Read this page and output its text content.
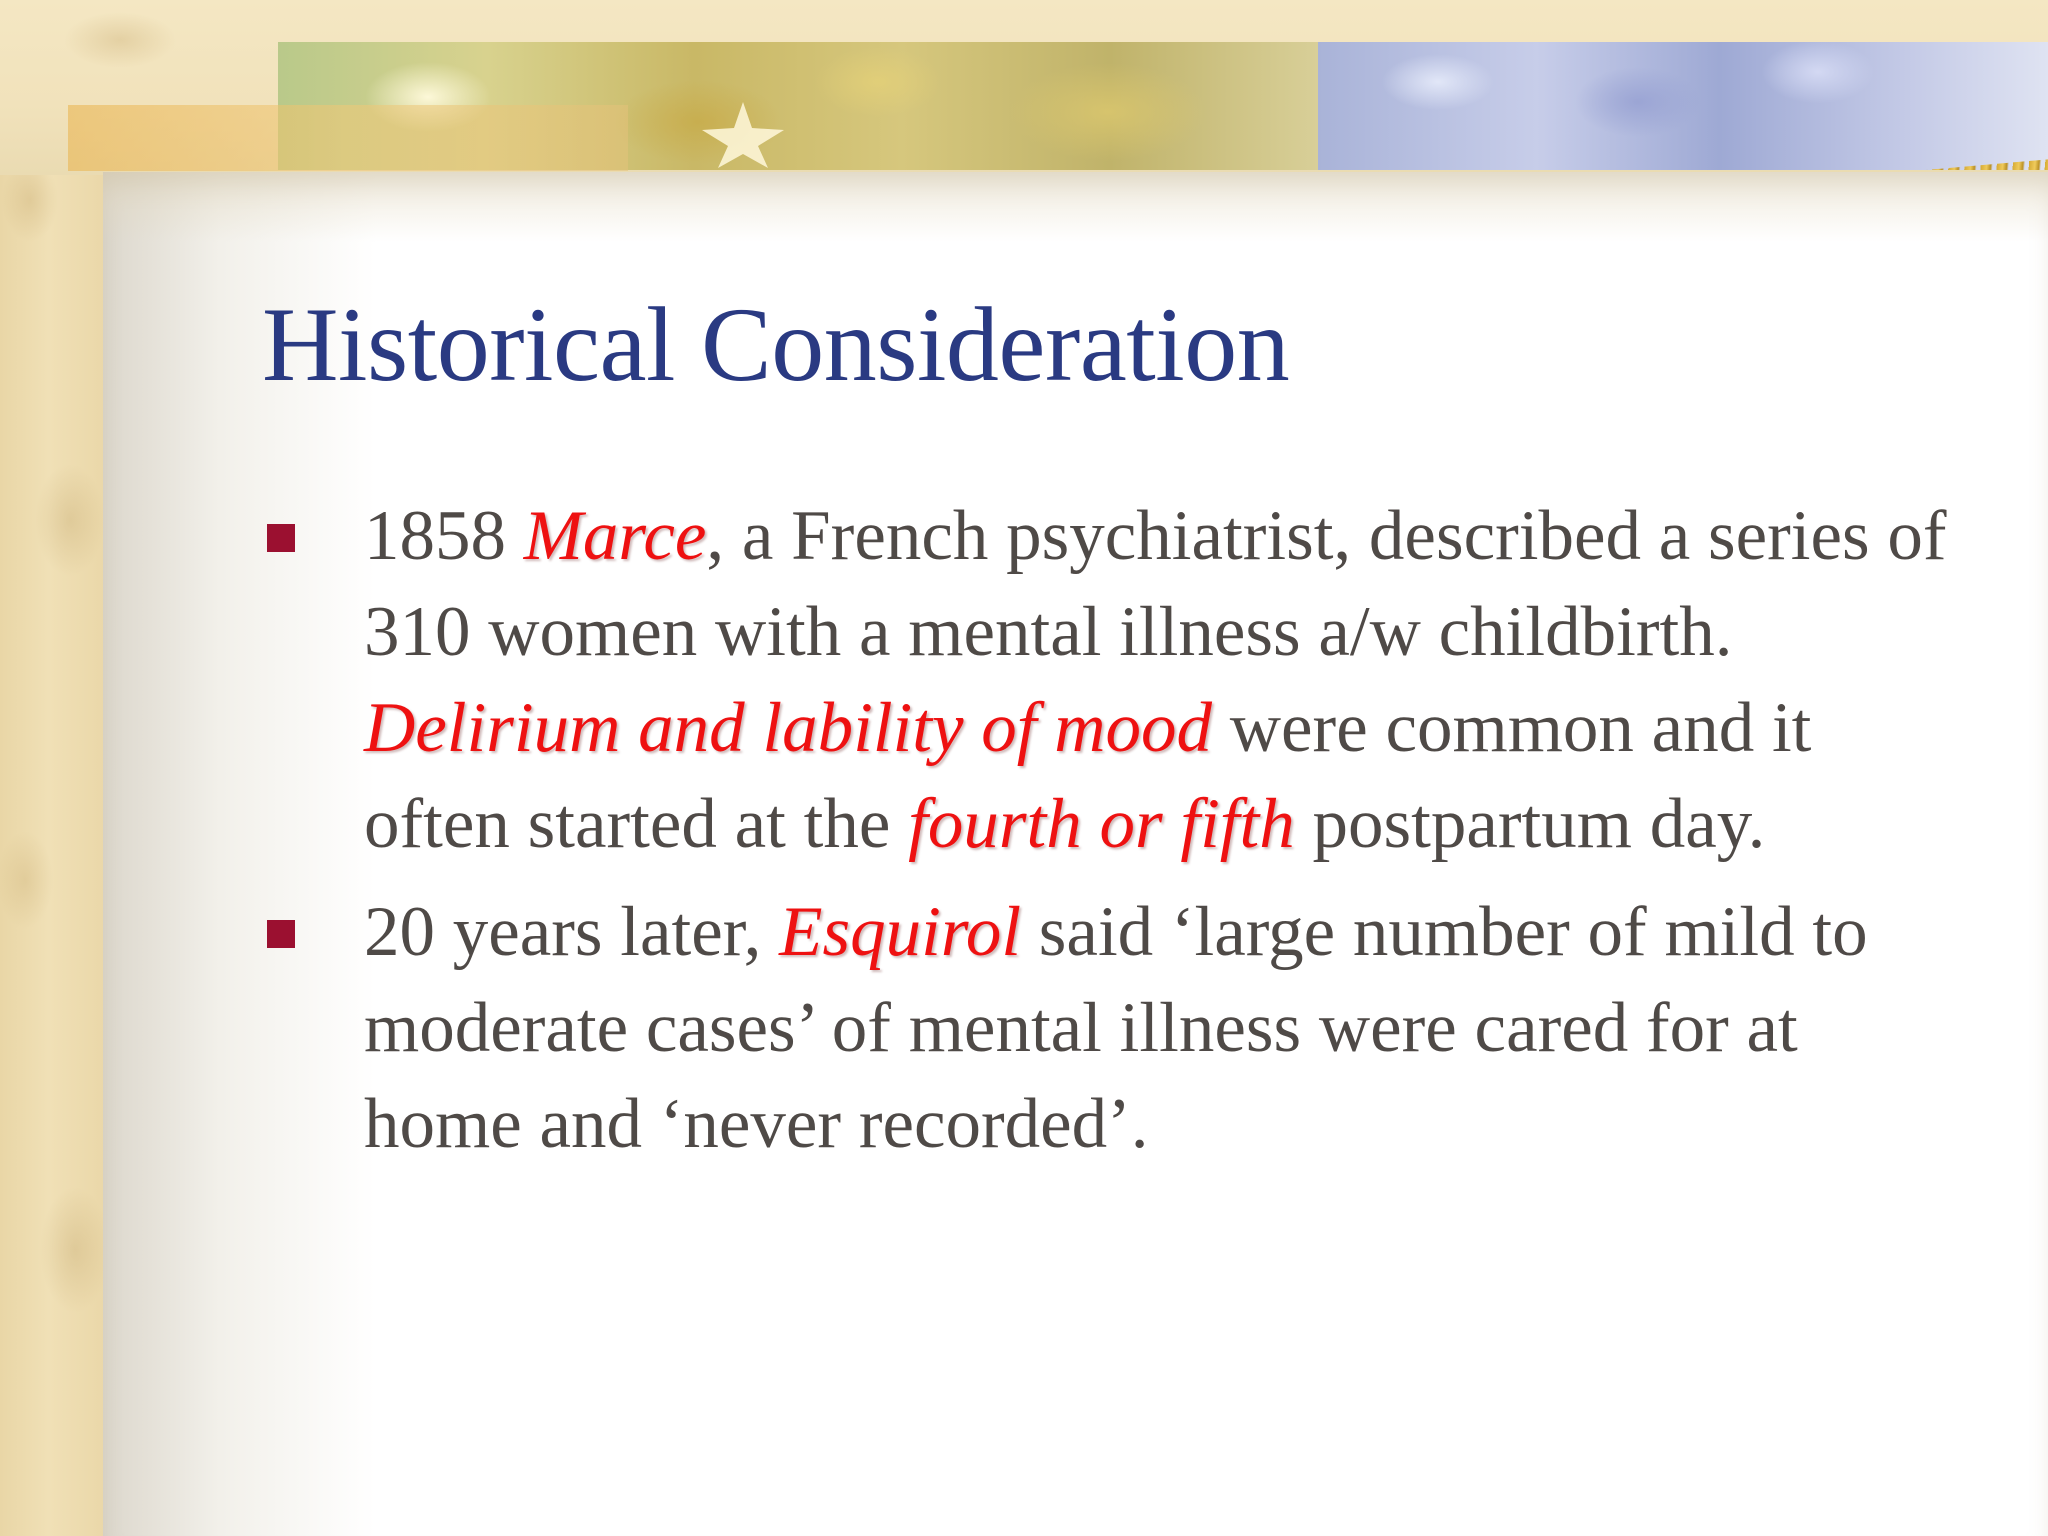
Historical Consideration
1858 Marce, a French psychiatrist, described a series of 310 women with a mental illness a/w childbirth. Delirium and lability of mood were common and it often started at the fourth or fifth postpartum day.
20 years later, Esquirol said ‘large number of mild to moderate cases’ of mental illness were cared for at home and ‘never recorded’.
